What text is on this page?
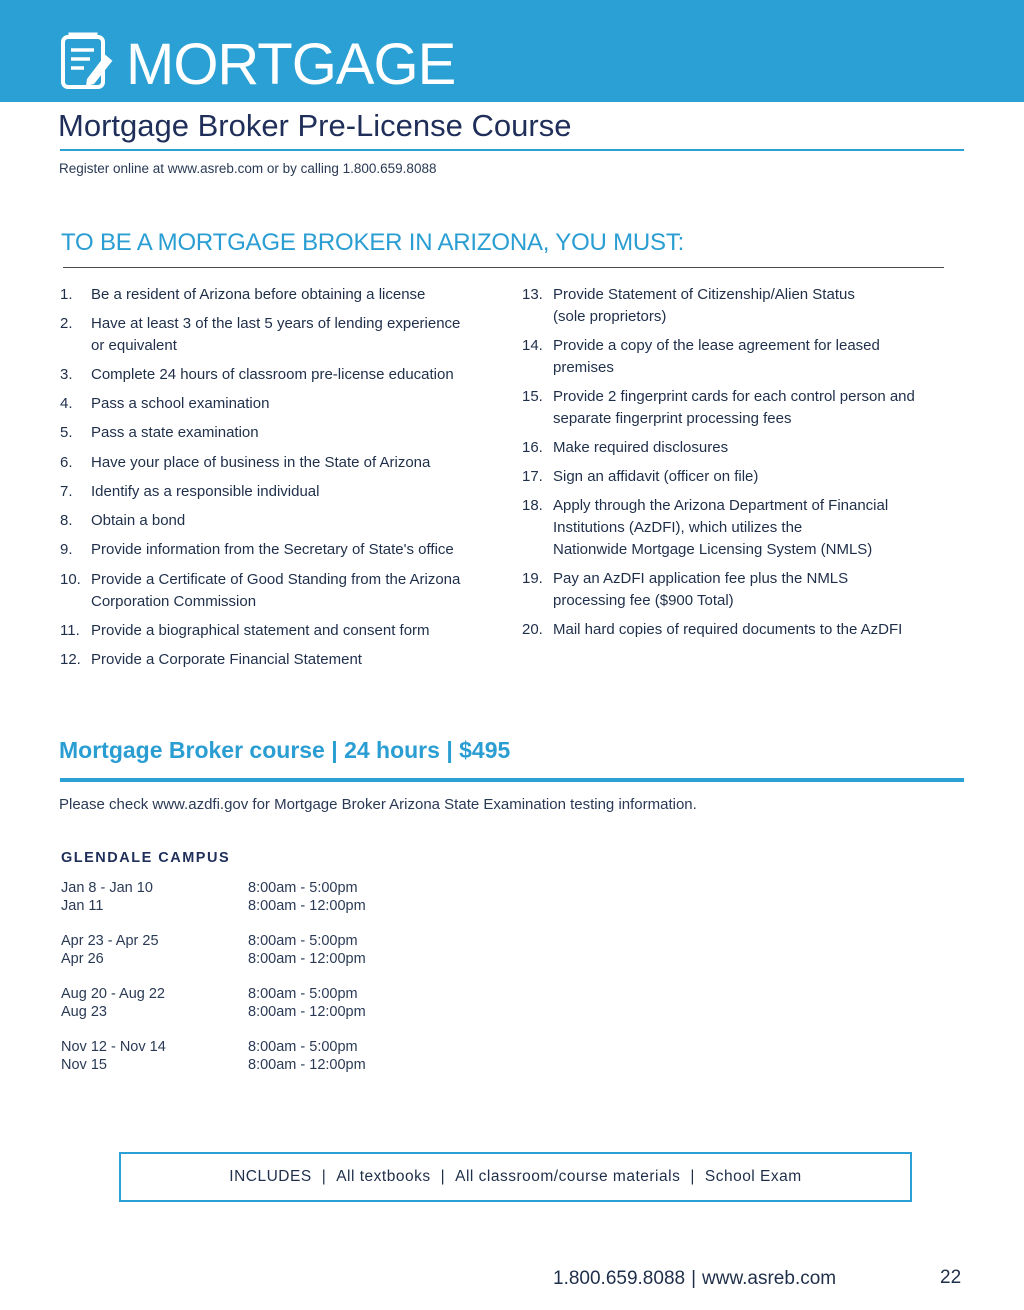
MORTGAGE
Mortgage Broker Pre-License Course
Register online at www.asreb.com or by calling 1.800.659.8088
TO BE A MORTGAGE BROKER IN ARIZONA, YOU MUST:
1. Be a resident of Arizona before obtaining a license
2. Have at least 3 of the last 5 years of lending experience
or equivalent
3. Complete 24 hours of classroom pre-license education
4. Pass a school examination
5. Pass a state examination
6. Have your place of business in the State of Arizona
7. Identify as a responsible individual
8. Obtain a bond
9. Provide information from the Secretary of State's office
10. Provide a Certificate of Good Standing from the Arizona
Corporation Commission
11. Provide a biographical statement and consent form
12. Provide a Corporate Financial Statement
13. Provide Statement of Citizenship/Alien Status
(sole proprietors)
14. Provide a copy of the lease agreement for leased
premises
15. Provide 2 fingerprint cards for each control person and
separate fingerprint processing fees
16. Make required disclosures
17. Sign an affidavit (officer on file)
18. Apply through the Arizona Department of Financial
Institutions (AzDFI), which utilizes the
Nationwide Mortgage Licensing System (NMLS)
19. Pay an AzDFI application fee plus the NMLS
processing fee ($900 Total)
20. Mail hard copies of required documents to the AzDFI
Mortgage Broker course | 24 hours | $495
Please check www.azdfi.gov for Mortgage Broker Arizona State Examination testing information.
GLENDALE CAMPUS
Jan 8 - Jan 10	8:00am - 5:00pm
Jan 11	8:00am - 12:00pm
Apr 23 - Apr 25	8:00am - 5:00pm
Apr 26	8:00am - 12:00pm
Aug 20 - Aug 22	8:00am - 5:00pm
Aug 23	8:00am - 12:00pm
Nov 12 - Nov 14	8:00am - 5:00pm
Nov 15	8:00am - 12:00pm
INCLUDES | All textbooks | All classroom/course materials | School Exam
1.800.659.8088 | www.asreb.com	22
